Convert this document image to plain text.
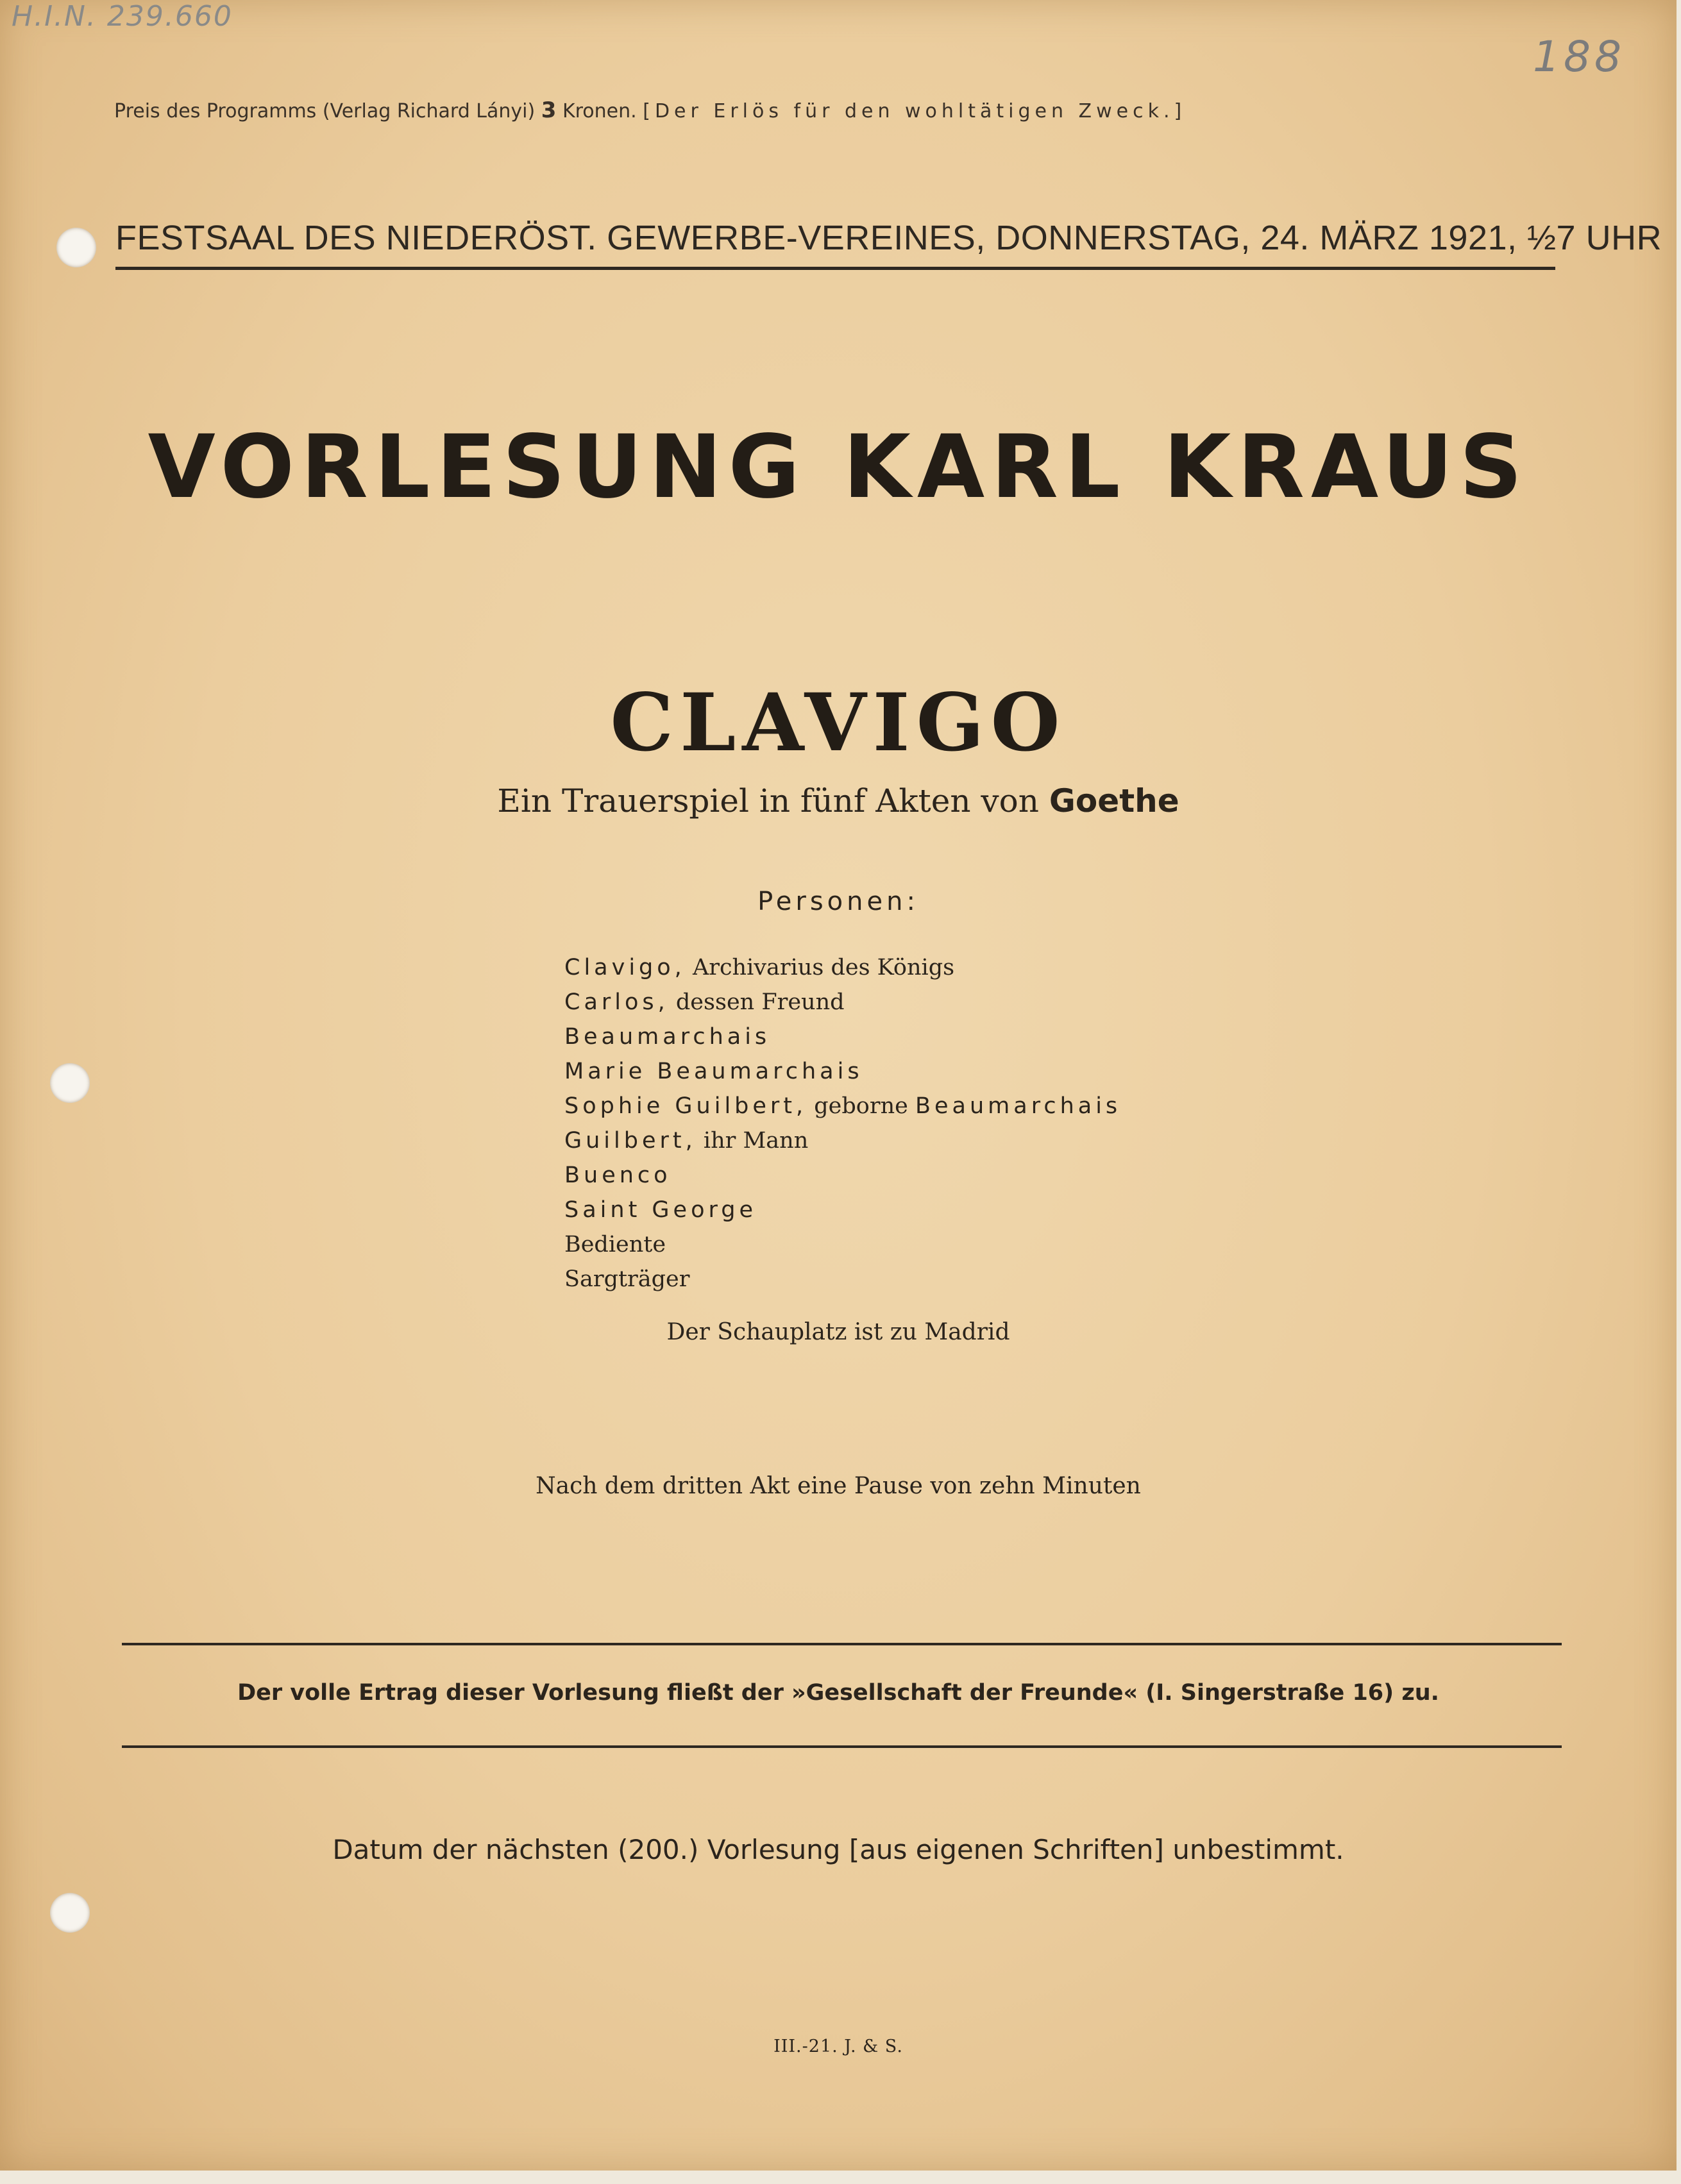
H.I.N. 239.660
188
Preis des Programms (Verlag Richard Lányi) 3 Kronen. [Der Erlös für den wohltätigen Zweck.]
FESTSAAL DES NIEDERÖST. GEWERBE-VEREINES, DONNERSTAG, 24. MÄRZ 1921, ½7 UHR
VORLESUNG KARL KRAUS
CLAVIGO
Ein Trauerspiel in fünf Akten von Goethe
Personen:
Clavigo, Archivarius des Königs
Carlos, dessen Freund
Beaumarchais
Marie Beaumarchais
Sophie Guilbert, geborne Beaumarchais
Guilbert, ihr Mann
Buenco
Saint George
Bediente
Sargträger
Der Schauplatz ist zu Madrid
Nach dem dritten Akt eine Pause von zehn Minuten
Der volle Ertrag dieser Vorlesung fließt der »Gesellschaft der Freunde« (I. Singerstraße 16) zu.
Datum der nächsten (200.) Vorlesung [aus eigenen Schriften] unbestimmt.
III.-21. J. & S.
